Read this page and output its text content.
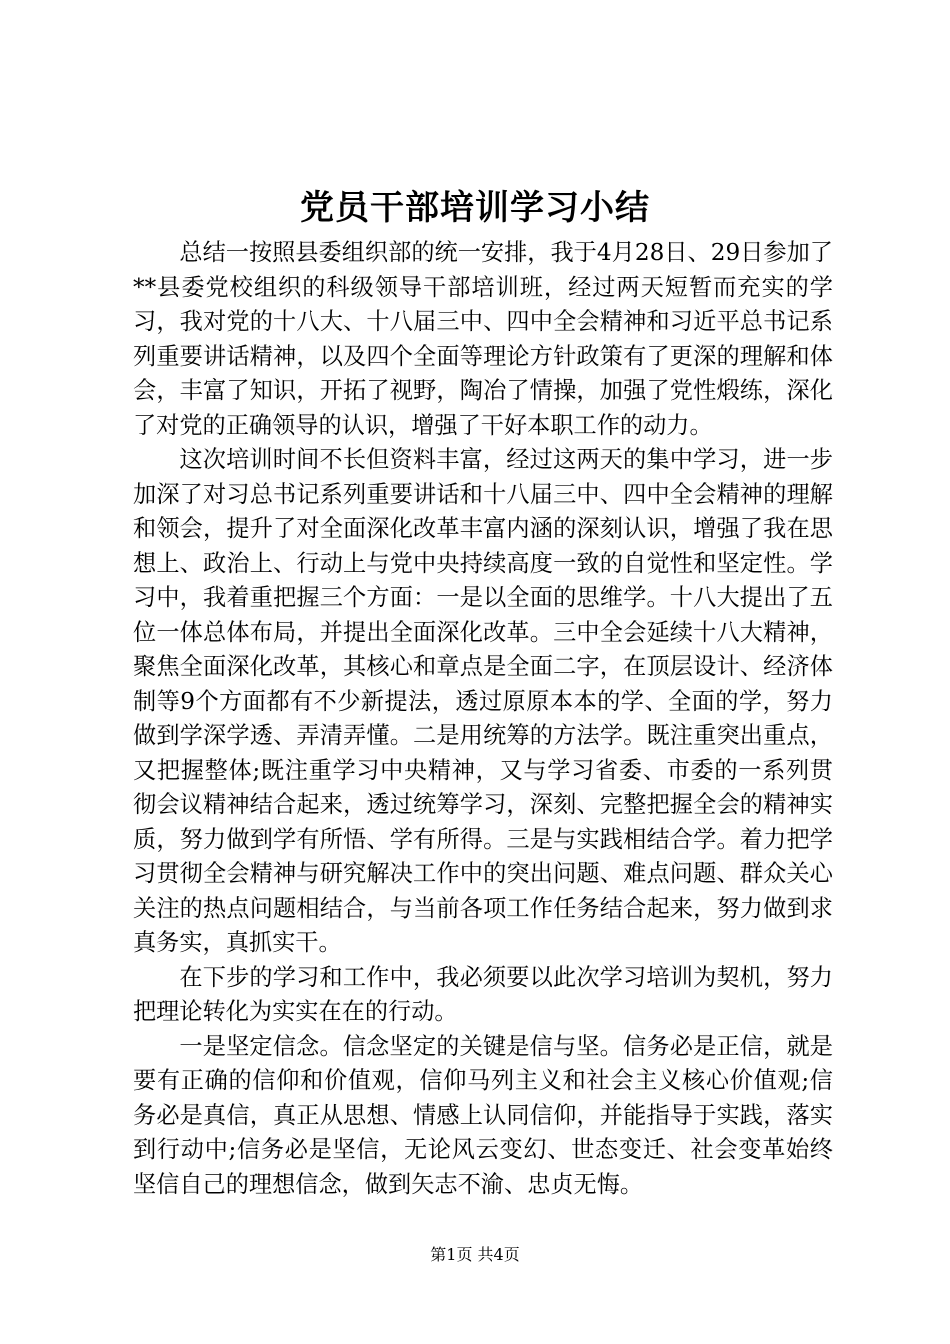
党员干部培训学习小结

总结一按照县委组织部的统一安排，我于4月28日、29日参加了**县委党校组织的科级领导干部培训班，经过两天短暂而充实的学习，我对党的十八大、十八届三中、四中全会精神和习近平总书记系列重要讲话精神，以及四个全面等理论方针政策有了更深的理解和体会，丰富了知识，开拓了视野，陶冶了情操，加强了党性煅练，深化了对党的正确领导的认识，增强了干好本职工作的动力。

这次培训时间不长但资料丰富，经过这两天的集中学习，进一步加深了对习总书记系列重要讲话和十八届三中、四中全会精神的理解和领会，提升了对全面深化改革丰富内涵的深刻认识，增强了我在思想上、政治上、行动上与党中央持续高度一致的自觉性和坚定性。学习中，我着重把握三个方面：一是以全面的思维学。十八大提出了五位一体总体布局，并提出全面深化改革。三中全会延续十八大精神，聚焦全面深化改革，其核心和章点是全面二字，在顶层设计、经济体制等9个方面都有不少新提法，透过原原本本的学、全面的学，努力做到学深学透、弄清弄懂。二是用统筹的方法学。既注重突出重点，又把握整体;既注重学习中央精神，又与学习省委、市委的一系列贯彻会议精神结合起来，透过统筹学习，深刻、完整把握全会的精神实质，努力做到学有所悟、学有所得。三是与实践相结合学。着力把学习贯彻全会精神与研究解决工作中的突出问题、难点问题、群众关心关注的热点问题相结合，与当前各项工作任务结合起来，努力做到求真务实，真抓实干。

在下步的学习和工作中，我必须要以此次学习培训为契机，努力把理论转化为实实在在的行动。

一是坚定信念。信念坚定的关键是信与坚。信务必是正信，就是要有正确的信仰和价值观，信仰马列主义和社会主义核心价值观;信务必是真信，真正从思想、情感上认同信仰，并能指导于实践，落实到行动中;信务必是坚信，无论风云变幻、世态变迁、社会变革始终坚信自己的理想信念，做到矢志不渝、忠贞无悔。

第1页 共4页
